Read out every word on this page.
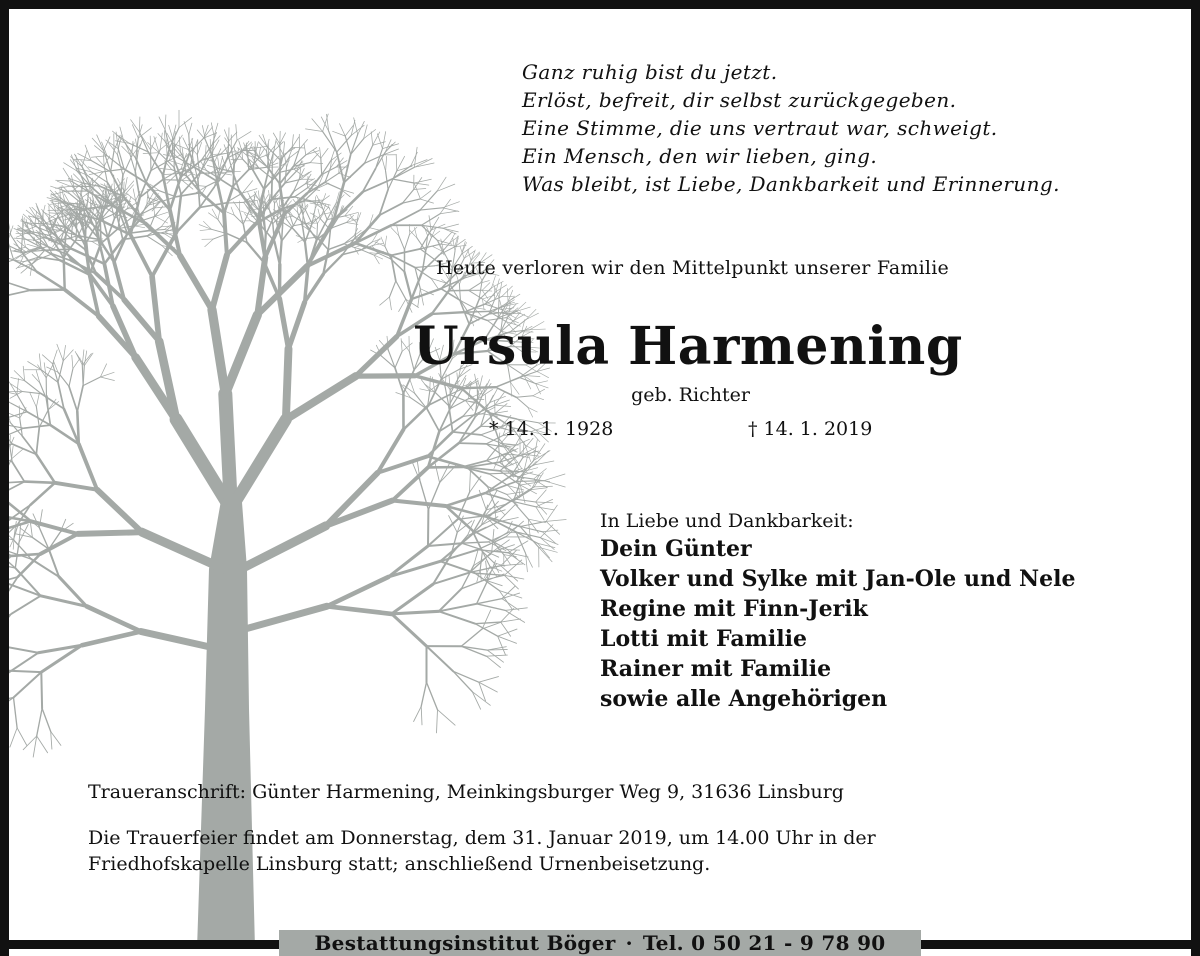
Ganz ruhig bist du jetzt.
Erlöst, befreit, dir selbst zurückgegeben.
Eine Stimme, die uns vertraut war, schweigt.
Ein Mensch, den wir lieben, ging.
Was bleibt, ist Liebe, Dankbarkeit und Erinnerung.
Heute verloren wir den Mittelpunkt unserer Familie
Ursula Harmening
geb. Richter
* 14. 1. 1928	† 14. 1. 2019
In Liebe und Dankbarkeit:
Dein Günter
Volker und Sylke mit Jan-Ole und Nele
Regine mit Finn-Jerik
Lotti mit Familie
Rainer mit Familie
sowie alle Angehörigen
Traueranschrift: Günter Harmening, Meinkingsburger Weg 9, 31636 Linsburg
Die Trauerfeier findet am Donnerstag, dem 31. Januar 2019, um 14.00 Uhr in der
Friedhofskapelle Linsburg statt; anschließend Urnenbeisetzung.
Bestattungsinstitut Böger · Tel. 0 50 21 - 9 78 90
